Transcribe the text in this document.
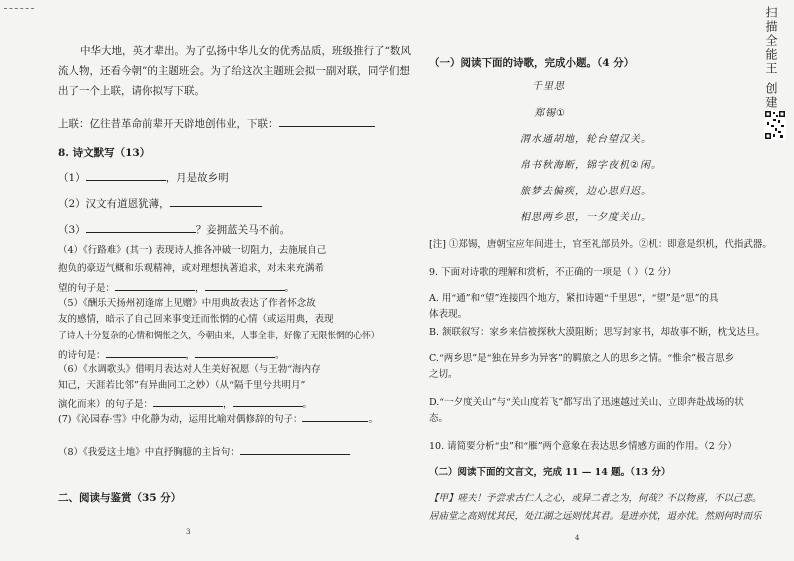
中华大地，英才辈出。为了弘扬中华儿女的优秀品质，班级推行了“数风
流人物，还看今朝”的主题班会。为了给这次主题班会拟一副对联，同学们想
出了一个上联，请你拟写下联。
上联：亿往昔革命前辈开天辟地创伟业，下联：
8. 诗文默写（13）
（1）	，月是故乡明
（2）汉文有道恩犹薄，
（3）	？妾拥蓝关马不前。
（4）《行路难》(其一) 表现诗人推各冲破一切阻力，去施展自己
抱负的豪迈气概和乐观精神，或对理想执著追求，对未来充满希
望的句子是：	，	。
（5）《酬乐天扬州初逢席上见赠》中用典故表达了作者怀念故
友的感情，暗示了自己回来事变迁而怅惘的心情（或运用典，表现
了诗人十分复杂的心情和惆怅之久，今朝由来，人事全非，好像了无限怅惘的心怀）
的诗句是：	，	。
（6）《水调歌头》借明月表达对人生美好祝愿（与王勃“海内存
知己，天涯若比邻”有异曲同工之妙）（从“隔千里兮共明月”
演化而来）的句子是：	，	。
(7)《沁园春·雪》中化静为动，运用比喻对偶修辞的句子：	。
（8）《我爱这土地》中直抒胸臆的主旨句：
二、阅读与鉴赏（35 分）
3
（一）阅读下面的诗歌，完成小题。（4 分）
千里思
郑锡①
渭水通胡地，轮台望汉关。
帛书秋海断，锦字夜机②闲。
旅梦去偏疾，边心思归迟。
相思两乡思，一夕度关山。
[注] ①郑锡，唐朝宝应年间进士，官至礼部员外。②机：即意是织机，代指武器。
9. 下面对诗歌的理解和赏析，不正确的一项是（ ）（2 分）
A. 用“通”和“望”连接四个地方，紧扣诗题“千里思”，“望”是“思”的具
体表现。
B. 颔联叙写：家乡来信被探秋大漠阻断；思写封家书，却故事不断，枕戈达旦。
C.“两乡思”是“独在异乡为异客”的羁旅之人的思乡之情。“惟余”极言思乡
之切。
D.“一夕度关山”与“关山度若飞”都写出了迅速越过关山、立即奔赴战场的状
态。
10. 请简要分析“虫”和“雁”两个意象在表达思乡情感方面的作用。（2 分）
（二）阅读下面的文言文，完成 11 — 14 题。（13 分）
【甲】嗟夫！予尝求古仁人之心，或异二者之为，何哉？不以物喜，不以己悲。
居庙堂之高则忧其民，处江湖之远则忧其君。是进亦忧，退亦忧。然则何时而乐
4
扫描全能王 创建
